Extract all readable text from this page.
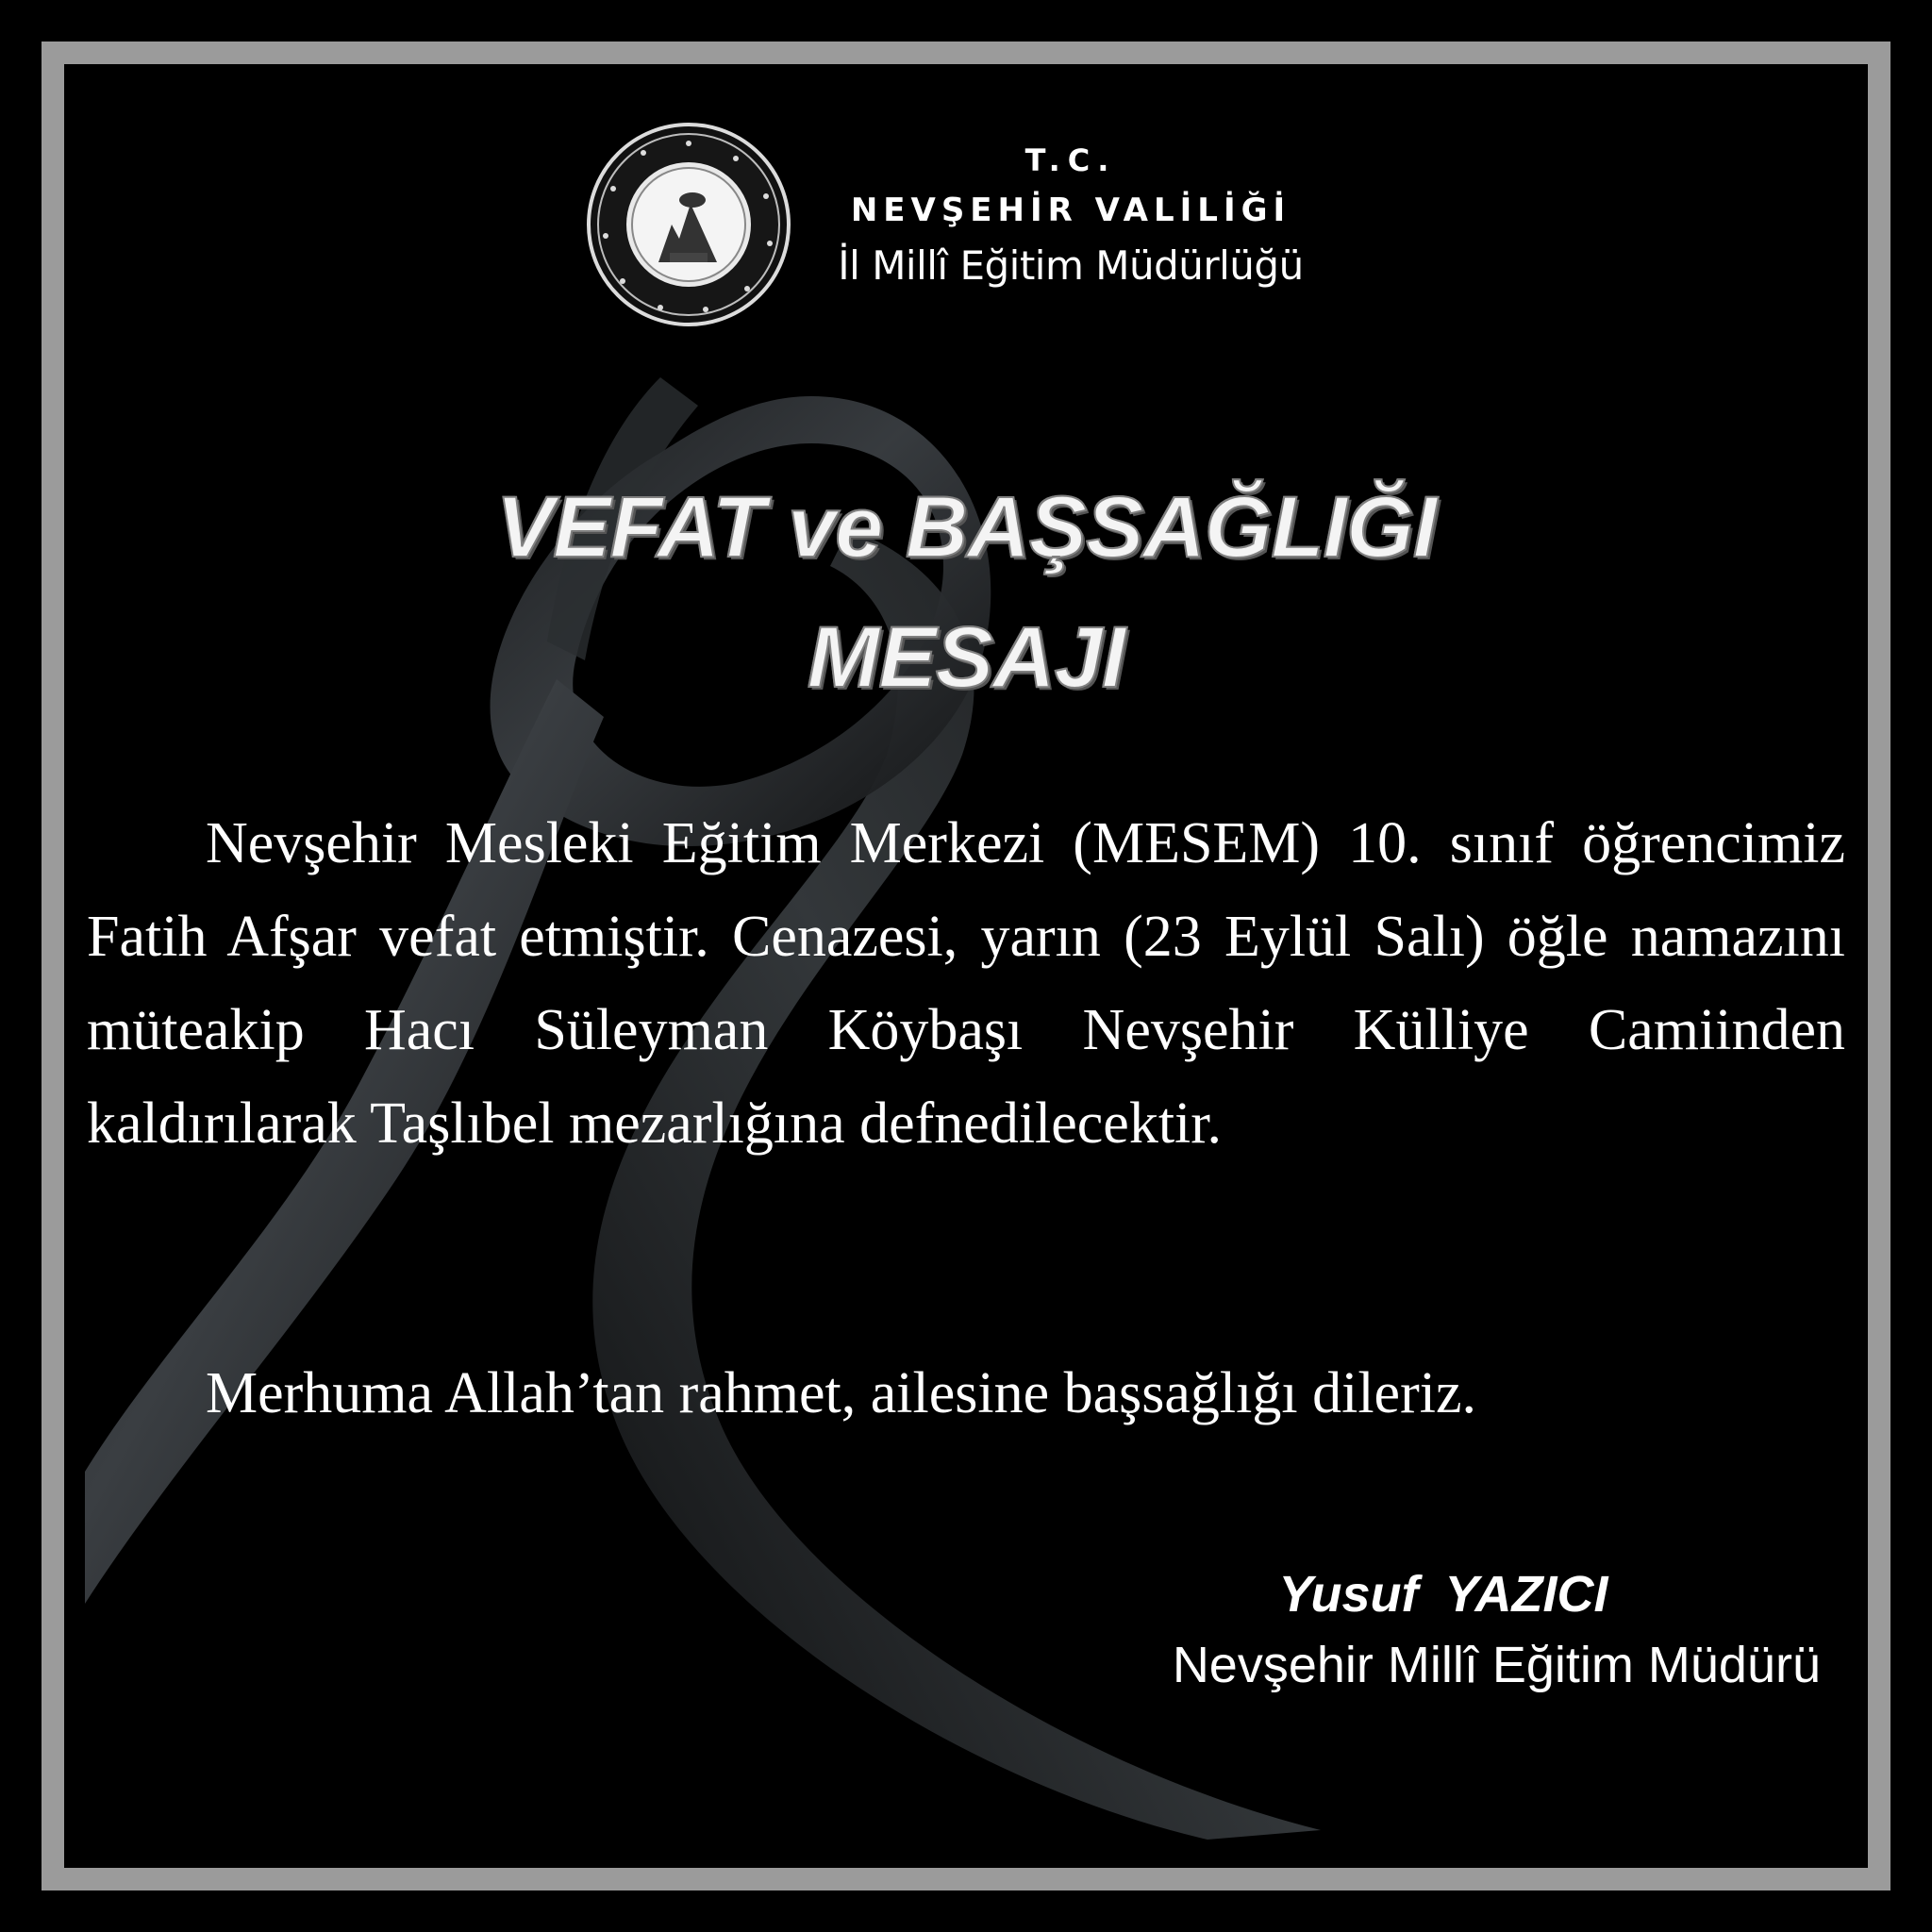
T.C.
NEVŞEHİR VALİLİĞİ
İl Millî Eğitim Müdürlüğü
VEFAT ve BAŞSAĞLIĞI
MESAJI

Nevşehir Mesleki Eğitim Merkezi (MESEM) 10. sınıf öğrencimiz Fatih Afşar vefat etmiştir. Cenazesi, yarın (23 Eylül Salı) öğle namazını müteakip Hacı Süleyman Köybaşı Nevşehir Külliye Camiinden kaldırılarak Taşlıbel mezarlığına defnedilecektir.

Merhuma Allah’tan rahmet, ailesine başsağlığı dileriz.
Yusuf YAZICI
Nevşehir Millî Eğitim Müdürü
